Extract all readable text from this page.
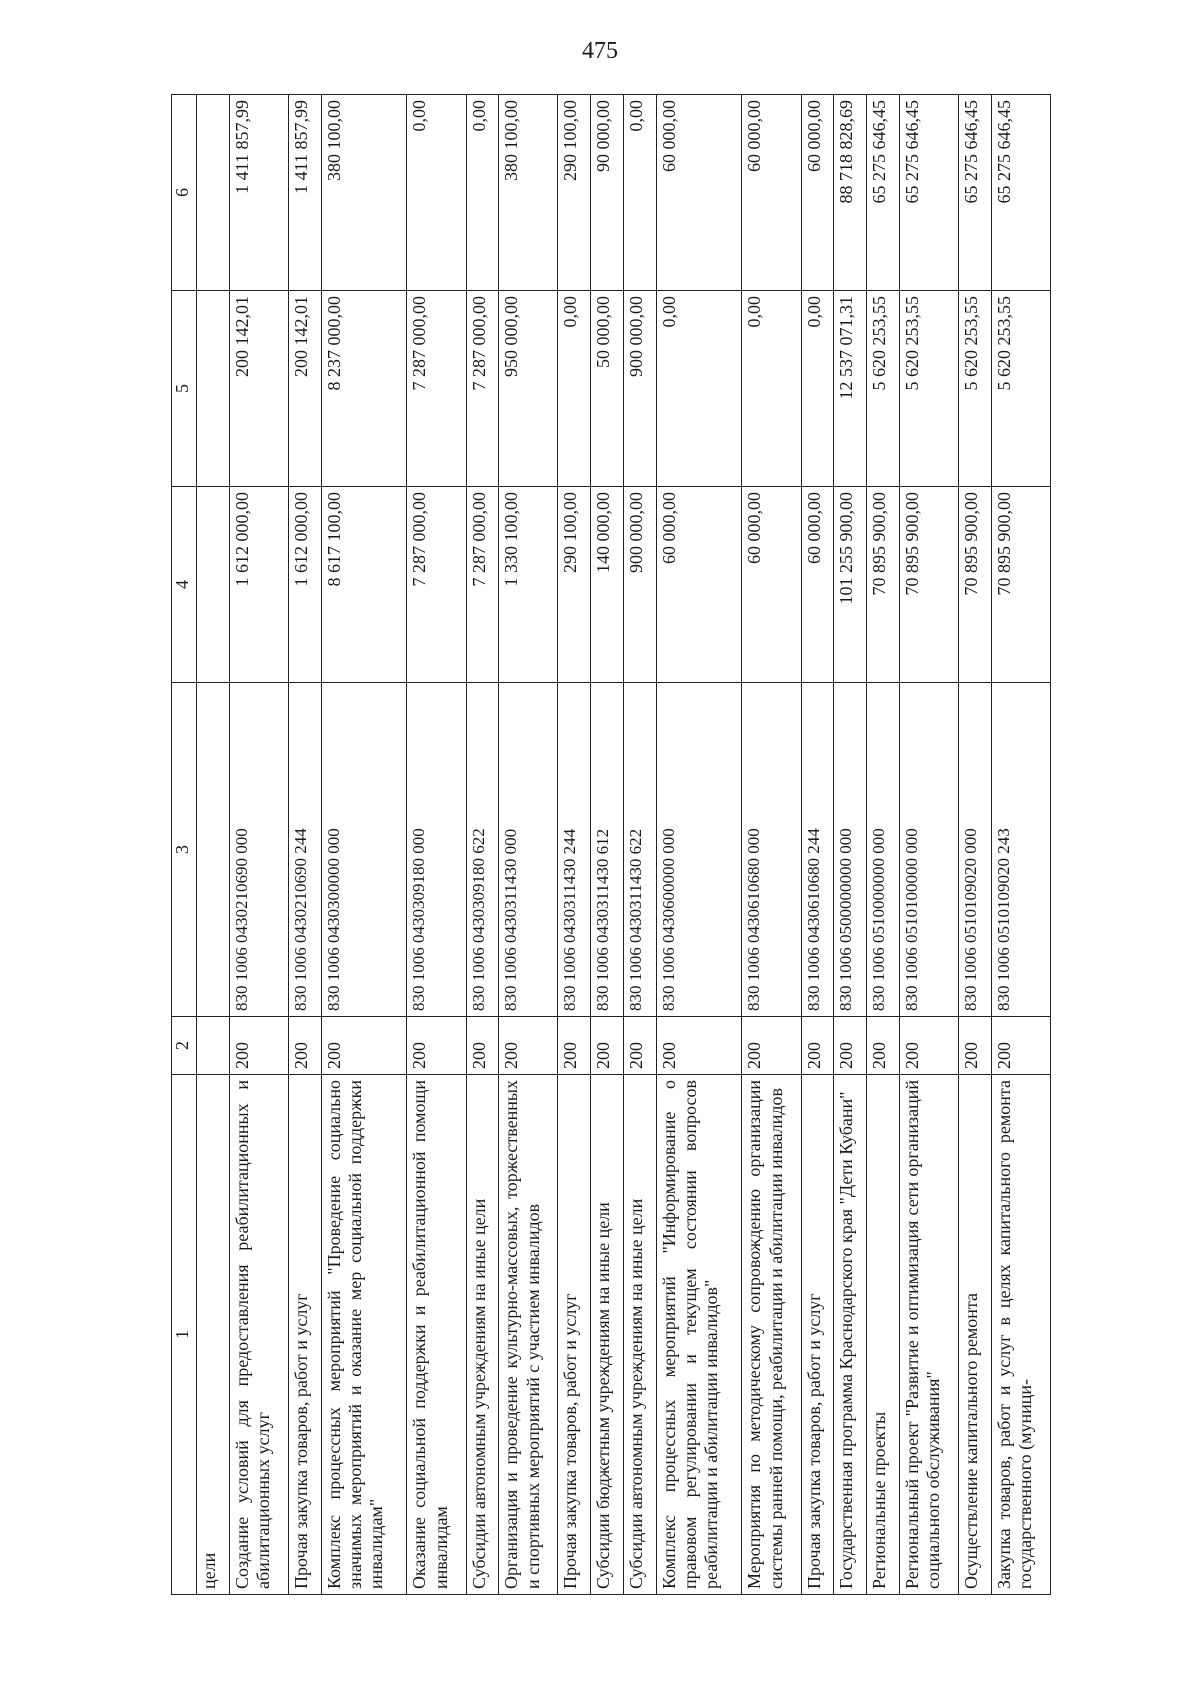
475
1	2	3	4	5	6
цели					
Создание условий для предоставления реабилитационных и абилитационных услуг	200	830 1006 0430210690 000	1 612 000,00	200 142,01	1 411 857,99
Прочая закупка товаров, работ и услуг	200	830 1006 0430210690 244	1 612 000,00	200 142,01	1 411 857,99
Комплекс процессных мероприятий "Проведение социально значимых мероприятий и оказание мер социальной поддержки инвалидам"	200	830 1006 0430300000 000	8 617 100,00	8 237 000,00	380 100,00
Оказание социальной поддержки и реабилитационной помощи инвалидам	200	830 1006 0430309180 000	7 287 000,00	7 287 000,00	0,00
Субсидии автономным учреждениям на иные цели	200	830 1006 0430309180 622	7 287 000,00	7 287 000,00	0,00
Организация и проведение культурно-массовых, торжественных и спортивных мероприятий с участием инвалидов	200	830 1006 0430311430 000	1 330 100,00	950 000,00	380 100,00
Прочая закупка товаров, работ и услуг	200	830 1006 0430311430 244	290 100,00	0,00	290 100,00
Субсидии бюджетным учреждениям на иные цели	200	830 1006 0430311430 612	140 000,00	50 000,00	90 000,00
Субсидии автономным учреждениям на иные цели	200	830 1006 0430311430 622	900 000,00	900 000,00	0,00
Комплекс процессных мероприятий "Информирование о правовом регулировании и текущем состоянии вопросов реабилитации и абилитации инвалидов"	200	830 1006 0430600000 000	60 000,00	0,00	60 000,00
Мероприятия по методическому сопровождению организации системы ранней помощи, реабилитации и абилитации инвалидов	200	830 1006 0430610680 000	60 000,00	0,00	60 000,00
Прочая закупка товаров, работ и услуг	200	830 1006 0430610680 244	60 000,00	0,00	60 000,00
Государственная программа Краснодарского края "Дети Кубани"	200	830 1006 0500000000 000	101 255 900,00	12 537 071,31	88 718 828,69
Региональные проекты	200	830 1006 0510000000 000	70 895 900,00	5 620 253,55	65 275 646,45
Региональный проект "Развитие и оптимизация сети организаций социального обслуживания"	200	830 1006 0510100000 000	70 895 900,00	5 620 253,55	65 275 646,45
Осуществление капитального ремонта	200	830 1006 0510109020 000	70 895 900,00	5 620 253,55	65 275 646,45
Закупка товаров, работ и услуг в целях капитального ремонта государственного (муници-	200	830 1006 0510109020 243	70 895 900,00	5 620 253,55	65 275 646,45
